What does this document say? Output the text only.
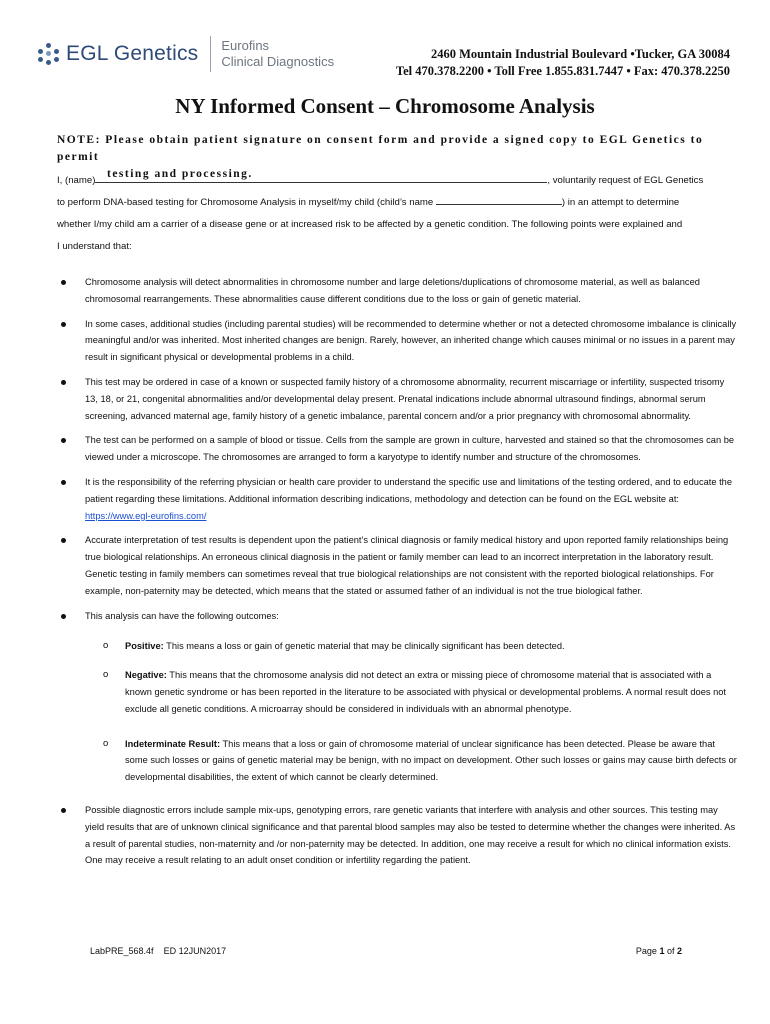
EGL Genetics Eurofins
Clinical Diagnostics	2460 Mountain Industrial Boulevard •Tucker, GA 30084
Tel 470.378.2200 • Toll Free 1.855.831.7447 • Fax: 470.378.2250
NY Informed Consent – Chromosome Analysis
NOTE: Please obtain patient signature on consent form and provide a signed copy to EGL Genetics to permit
testing and processing.
I, (name)	, voluntarily request of EGL Genetics
to perform DNA-based testing for Chromosome Analysis in myself/my child (child’s name	) in an attempt to determine
whether I/my child am a carrier of a disease gene or at increased risk to be affected by a genetic condition. The following points were explained and
I understand that:

Chromosome analysis will detect abnormalities in chromosome number and large deletions/duplications of chromosome material, as well as balanced chromosomal rearrangements. These abnormalities cause different conditions due to the loss or gain of genetic material.

In some cases, additional studies (including parental studies) will be recommended to determine whether or not a detected chromosome imbalance is clinically meaningful and/or was inherited. Most inherited changes are benign. Rarely, however, an inherited change which causes minimal or no issues in a parent may result in significant physical or developmental problems in a child.

This test may be ordered in case of a known or suspected family history of a chromosome abnormality, recurrent miscarriage or infertility, suspected trisomy 13, 18, or 21, congenital abnormalities and/or developmental delay present. Prenatal indications include abnormal ultrasound findings, abnormal serum screening, advanced maternal age, family history of a genetic imbalance, parental concern and/or a prior pregnancy with chromosomal abnormality.

The test can be performed on a sample of blood or tissue. Cells from the sample are grown in culture, harvested and stained so that the chromosomes can be viewed under a microscope. The chromosomes are arranged to form a karyotype to identify number and structure of the chromosomes.

It is the responsibility of the referring physician or health care provider to understand the specific use and limitations of the testing ordered, and to educate the patient regarding these limitations. Additional information describing indications, methodology and detection can be found on the EGL website at: https://www.egl-eurofins.com/

Accurate interpretation of test results is dependent upon the patient’s clinical diagnosis or family medical history and upon reported family relationships being true biological relationships. An erroneous clinical diagnosis in the patient or family member can lead to an incorrect interpretation in the laboratory result. Genetic testing in family members can sometimes reveal that true biological relationships are not consistent with the reported biological relationships. For example, non-paternity may be detected, which means that the stated or assumed father of an individual is not the true biological father.

This analysis can have the following outcomes:

o Positive: This means a loss or gain of genetic material that may be clinically significant has been detected.

o Negative: This means that the chromosome analysis did not detect an extra or missing piece of chromosome material that is associated with a known genetic syndrome or has been reported in the literature to be associated with physical or developmental problems. A normal result does not exclude all genetic conditions. A microarray should be considered in individuals with an abnormal phenotype.

o Indeterminate Result: This means that a loss or gain of chromosome material of unclear significance has been detected. Please be aware that some such losses or gains of genetic material may be benign, with no impact on development. Other such losses or gains may cause birth defects or developmental disabilities, the extent of which cannot be clearly determined.

Possible diagnostic errors include sample mix-ups, genotyping errors, rare genetic variants that interfere with analysis and other sources. This testing may yield results that are of unknown clinical significance and that parental blood samples may also be tested to determine whether the changes were inherited. As a result of parental studies, non-maternity and /or non-paternity may be detected. In addition, one may receive a result for which no clinical information exists. One may receive a result relating to an adult onset condition or infertility regarding the patient.

LabPRE_568.4f ED 12JUN2017	Page 1 of 2
